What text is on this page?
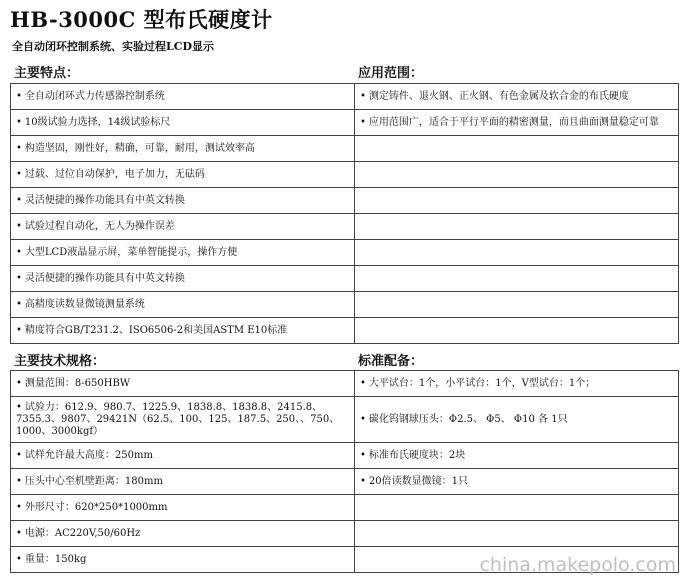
HB-3000C 型布氏硬度计
全自动闭环控制系统、实验过程LCD显示
主要特点：	应用范围：
• 全自动闭环式力传感器控制系统	• 测定铸件、退火钢、正火钢、有色金属及软合金的布氏硬度
• 10级试验力选择，14级试验标尺	• 应用范围广，适合于平行平面的精密测量，而且曲面测量稳定可靠
• 构造坚固，刚性好，精确，可靠，耐用，测试效率高	
• 过载、过位自动保护，电子加力，无砝码	
• 灵活便捷的操作功能具有中英文转换	
• 试验过程自动化，无人为操作误差	
• 大型LCD液晶显示屏，菜单智能提示，操作方便	
• 灵活便捷的操作功能具有中英文转换	
• 高精度读数显微镜测量系统	
• 精度符合GB/T231.2、ISO6506-2和美国ASTM E10标准	
主要技术规格：	标准配备：
• 测量范围：8-650HBW	• 大平试台：1个，小平试台：1个，V型试台：1个；
• 试验力：612.9、980.7、1225.9、1838.8、1838.8、2415.8、7355.3、9807、29421N（62.5、100、125、187.5、250、、750、1000、3000kgf）	• 碳化钨钢球压头：Φ2.5、 Φ5、 Φ10 各 1只
• 试样允许最大高度：250mm	• 标准布氏硬度块：2块
• 压头中心至机壁距离：180mm	• 20倍读数显微镜：1只
• 外形尺寸：620*250*1000mm	
• 电源：AC220V,50/60Hz	
• 重量：150kg		china.makepolo.com
